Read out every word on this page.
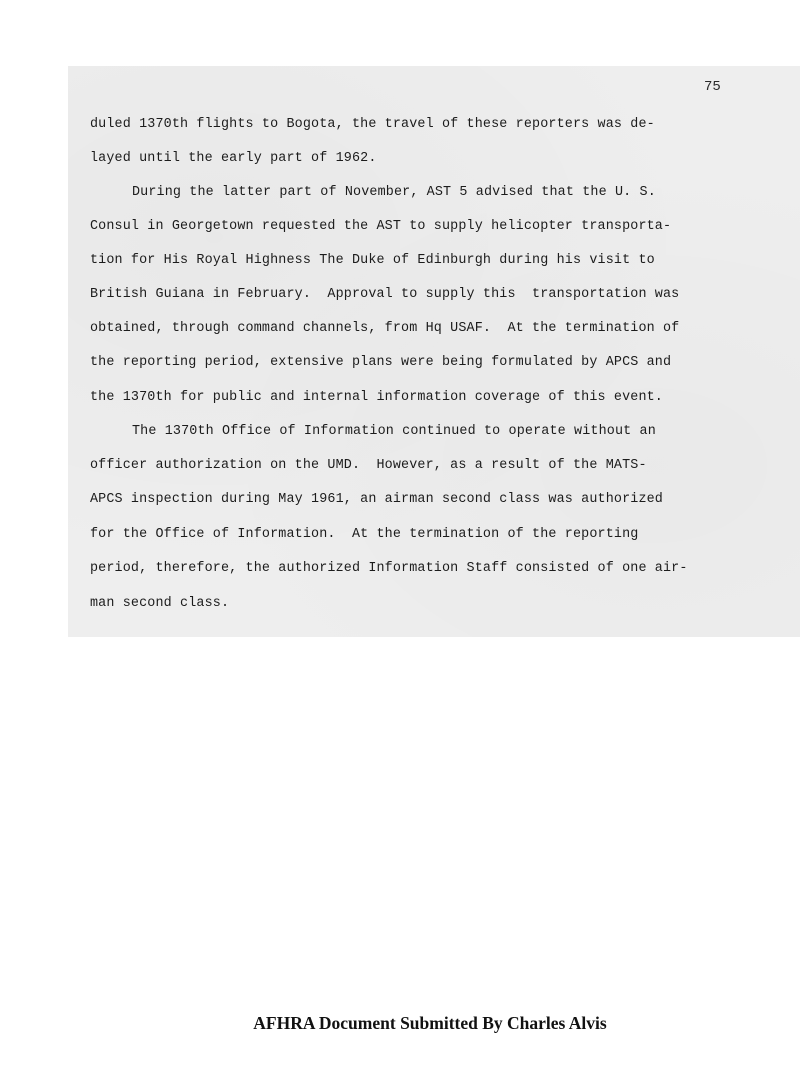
75
duled 1370th flights to Bogota, the travel of these reporters was de-
layed until the early part of 1962.
During the latter part of November, AST 5 advised that the U. S.
Consul in Georgetown requested the AST to supply helicopter transporta-
tion for His Royal Highness The Duke of Edinburgh during his visit to
British Guiana in February.  Approval to supply this  transportation was
obtained, through command channels, from Hq USAF.  At the termination of
the reporting period, extensive plans were being formulated by APCS and
the 1370th for public and internal information coverage of this event.
The 1370th Office of Information continued to operate without an
officer authorization on the UMD.  However, as a result of the MATS-
APCS inspection during May 1961, an airman second class was authorized
for the Office of Information.  At the termination of the reporting
period, therefore, the authorized Information Staff consisted of one air-
man second class.
AFHRA Document Submitted By Charles Alvis
